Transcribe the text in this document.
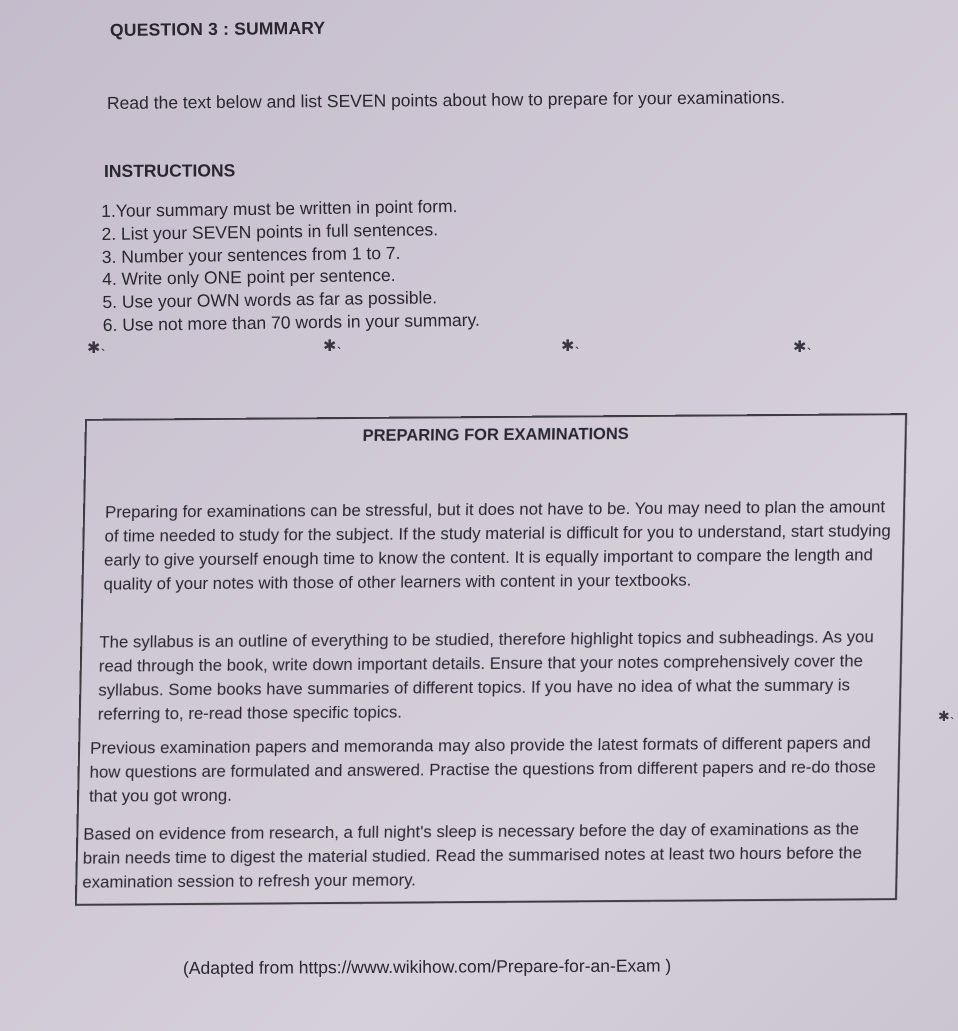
QUESTION 3 : SUMMARY
Read the text below and list SEVEN points about how to prepare for your examinations.
INSTRUCTIONS
1.Your summary must be written in point form.
2. List your SEVEN points in full sentences.
3. Number your sentences from 1 to 7.
4. Write only ONE point per sentence.
5. Use your OWN words as far as possible.
6. Use not more than 70 words in your summary.
✱˴	✱˴	✱˴	✱˴
PREPARING FOR EXAMINATIONS
Preparing for examinations can be stressful, but it does not have to be. You may need to plan the amount of time needed to study for the subject. If the study material is difficult for you to understand, start studying early to give yourself enough time to know the content. It is equally important to compare the length and quality of your notes with those of other learners with content in your textbooks.
The syllabus is an outline of everything to be studied, therefore highlight topics and subheadings. As you read through the book, write down important details. Ensure that your notes comprehensively cover the syllabus. Some books have summaries of different topics. If you have no idea of what the summary is referring to, re-read those specific topics.
Previous examination papers and memoranda may also provide the latest formats of different papers and how questions are formulated and answered. Practise the questions from different papers and re-do those that you got wrong.
Based on evidence from research, a full night's sleep is necessary before the day of examinations as the brain needs time to digest the material studied. Read the summarised notes at least two hours before the examination session to refresh your memory.
✱˴
(Adapted from https://www.wikihow.com/Prepare-for-an-Exam )
